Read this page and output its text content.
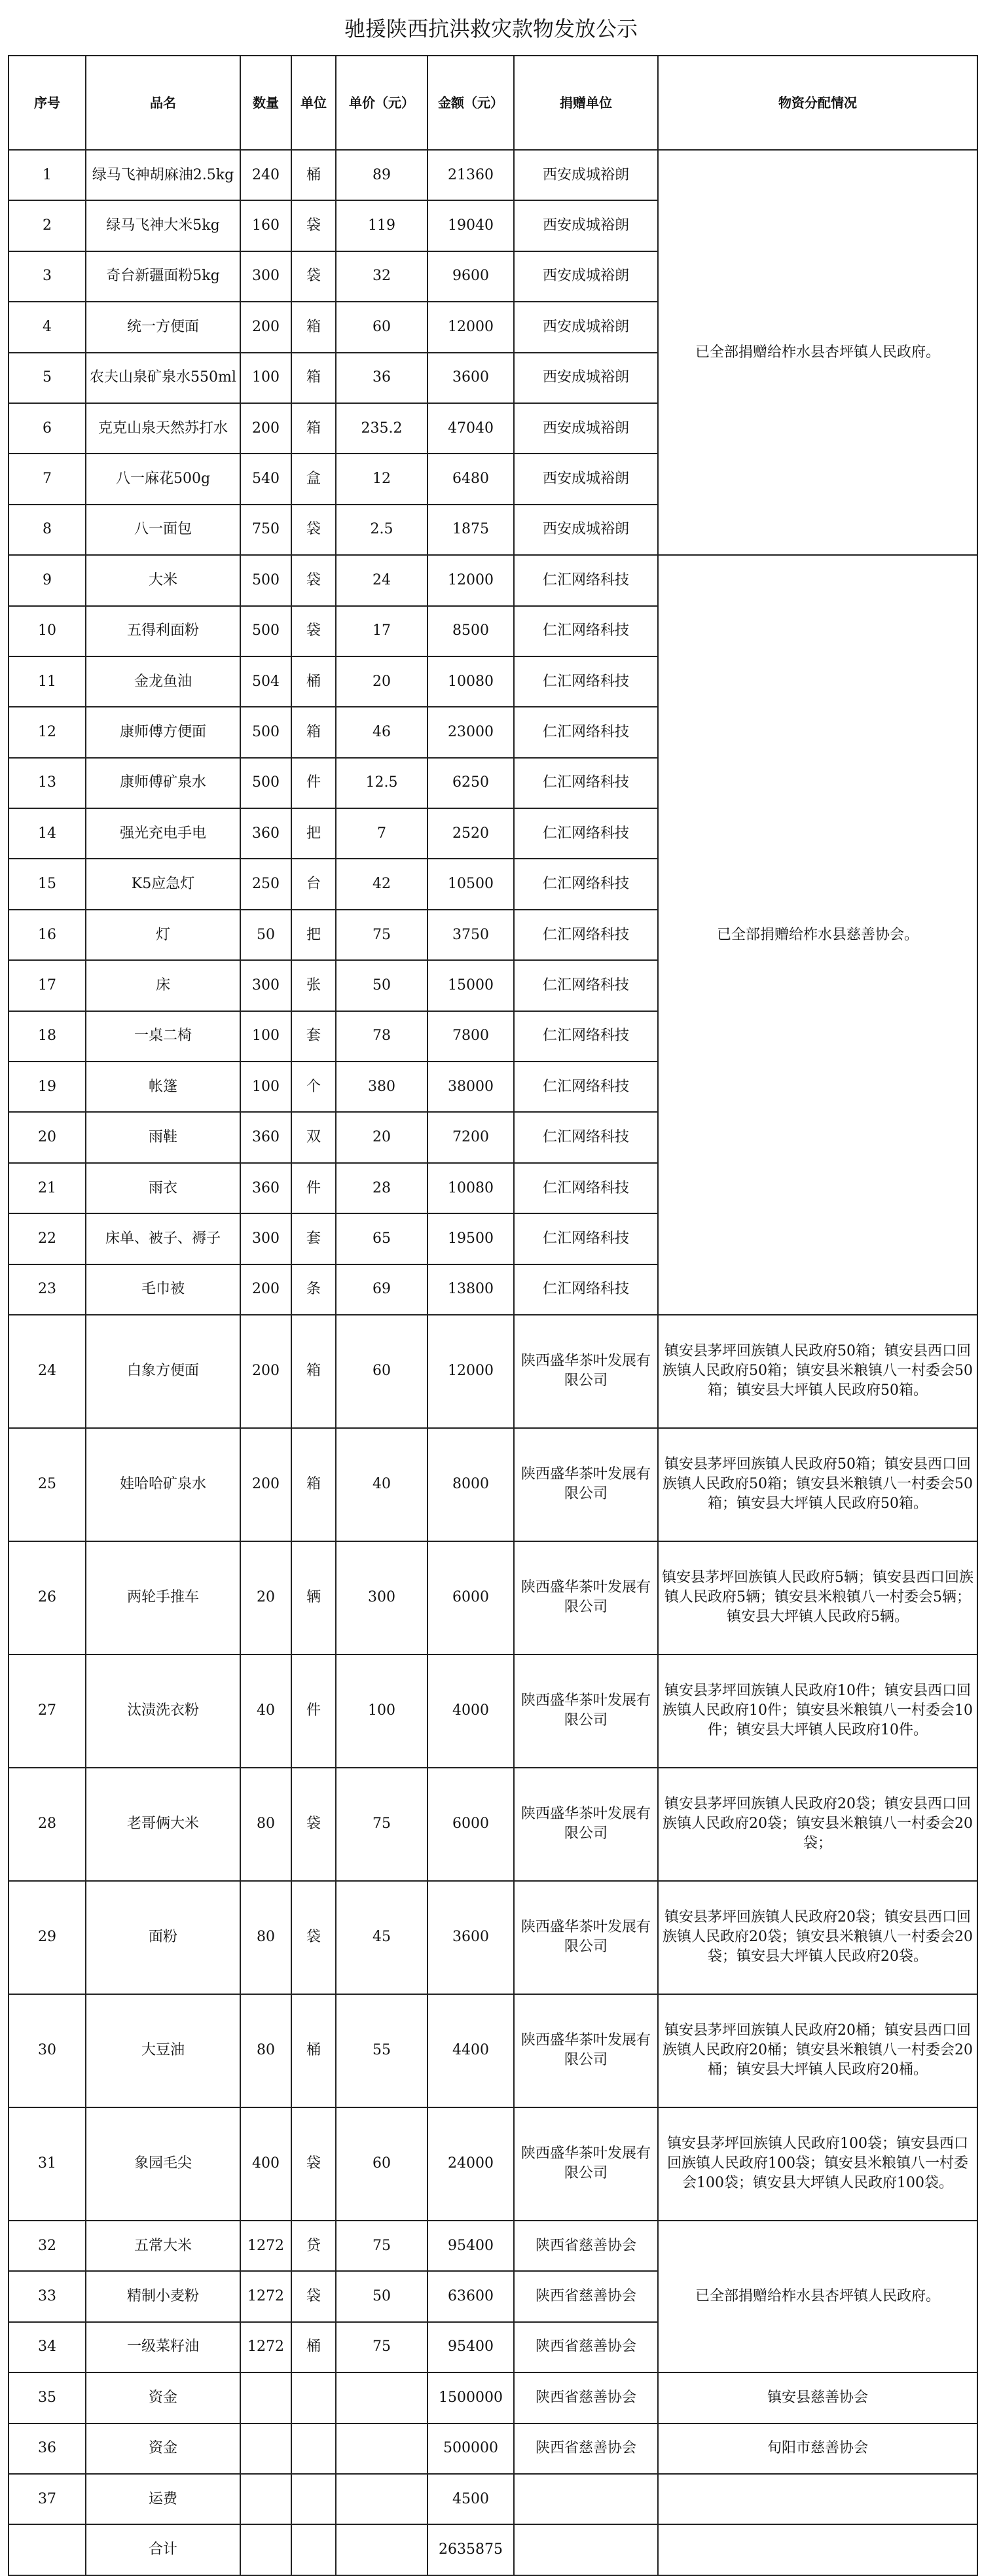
驰援陕西抗洪救灾款物发放公示
序号	品名	数量	单位	单价（元）	金额（元）	捐赠单位	物资分配情况
1	绿马飞神胡麻油2.5kg	240	桶	89	21360	西安成城裕朗	已全部捐赠给柞水县杏坪镇人民政府。
2	绿马飞神大米5kg	160	袋	119	19040	西安成城裕朗	
3	奇台新疆面粉5kg	300	袋	32	9600	西安成城裕朗	
4	统一方便面	200	箱	60	12000	西安成城裕朗	
5	农夫山泉矿泉水550ml	100	箱	36	3600	西安成城裕朗	
6	克克山泉天然苏打水	200	箱	235.2	47040	西安成城裕朗	
7	八一麻花500g	540	盒	12	6480	西安成城裕朗	
8	八一面包	750	袋	2.5	1875	西安成城裕朗	
9	大米	500	袋	24	12000	仁汇网络科技	已全部捐赠给柞水县慈善协会。
10	五得利面粉	500	袋	17	8500	仁汇网络科技	
11	金龙鱼油	504	桶	20	10080	仁汇网络科技	
12	康师傅方便面	500	箱	46	23000	仁汇网络科技	
13	康师傅矿泉水	500	件	12.5	6250	仁汇网络科技	
14	强光充电手电	360	把	7	2520	仁汇网络科技	
15	K5应急灯	250	台	42	10500	仁汇网络科技	
16	灯	50	把	75	3750	仁汇网络科技	
17	床	300	张	50	15000	仁汇网络科技	
18	一桌二椅	100	套	78	7800	仁汇网络科技	
19	帐篷	100	个	380	38000	仁汇网络科技	
20	雨鞋	360	双	20	7200	仁汇网络科技	
21	雨衣	360	件	28	10080	仁汇网络科技	
22	床单、被子、褥子	300	套	65	19500	仁汇网络科技	
23	毛巾被	200	条	69	13800	仁汇网络科技	
24	白象方便面	200	箱	60	12000	陕西盛华茶叶发展有限公司	镇安县茅坪回族镇人民政府50箱；镇安县西口回族镇人民政府50箱；镇安县米粮镇八一村委会50箱；镇安县大坪镇人民政府50箱。
25	娃哈哈矿泉水	200	箱	40	8000	陕西盛华茶叶发展有限公司	镇安县茅坪回族镇人民政府50箱；镇安县西口回族镇人民政府50箱；镇安县米粮镇八一村委会50箱；镇安县大坪镇人民政府50箱。
26	两轮手推车	20	辆	300	6000	陕西盛华茶叶发展有限公司	镇安县茅坪回族镇人民政府5辆；镇安县西口回族镇人民政府5辆；镇安县米粮镇八一村委会5辆；镇安县大坪镇人民政府5辆。
27	汰渍洗衣粉	40	件	100	4000	陕西盛华茶叶发展有限公司	镇安县茅坪回族镇人民政府10件；镇安县西口回族镇人民政府10件；镇安县米粮镇八一村委会10件；镇安县大坪镇人民政府10件。
28	老哥俩大米	80	袋	75	6000	陕西盛华茶叶发展有限公司	镇安县茅坪回族镇人民政府20袋；镇安县西口回族镇人民政府20袋；镇安县米粮镇八一村委会20袋；
29	面粉	80	袋	45	3600	陕西盛华茶叶发展有限公司	镇安县茅坪回族镇人民政府20袋；镇安县西口回族镇人民政府20袋；镇安县米粮镇八一村委会20袋；镇安县大坪镇人民政府20袋。
30	大豆油	80	桶	55	4400	陕西盛华茶叶发展有限公司	镇安县茅坪回族镇人民政府20桶；镇安县西口回族镇人民政府20桶；镇安县米粮镇八一村委会20桶；镇安县大坪镇人民政府20桶。
31	象园毛尖	400	袋	60	24000	陕西盛华茶叶发展有限公司	镇安县茅坪回族镇人民政府100袋；镇安县西口回族镇人民政府100袋；镇安县米粮镇八一村委会100袋；镇安县大坪镇人民政府100袋。
32	五常大米	1272	贷	75	95400	陕西省慈善协会	已全部捐赠给柞水县杏坪镇人民政府。
33	精制小麦粉	1272	袋	50	63600	陕西省慈善协会	
34	一级菜籽油	1272	桶	75	95400	陕西省慈善协会	
35	资金				1500000	陕西省慈善协会	镇安县慈善协会
36	资金				500000	陕西省慈善协会	旬阳市慈善协会
37	运费				4500		
	合计				2635875		
